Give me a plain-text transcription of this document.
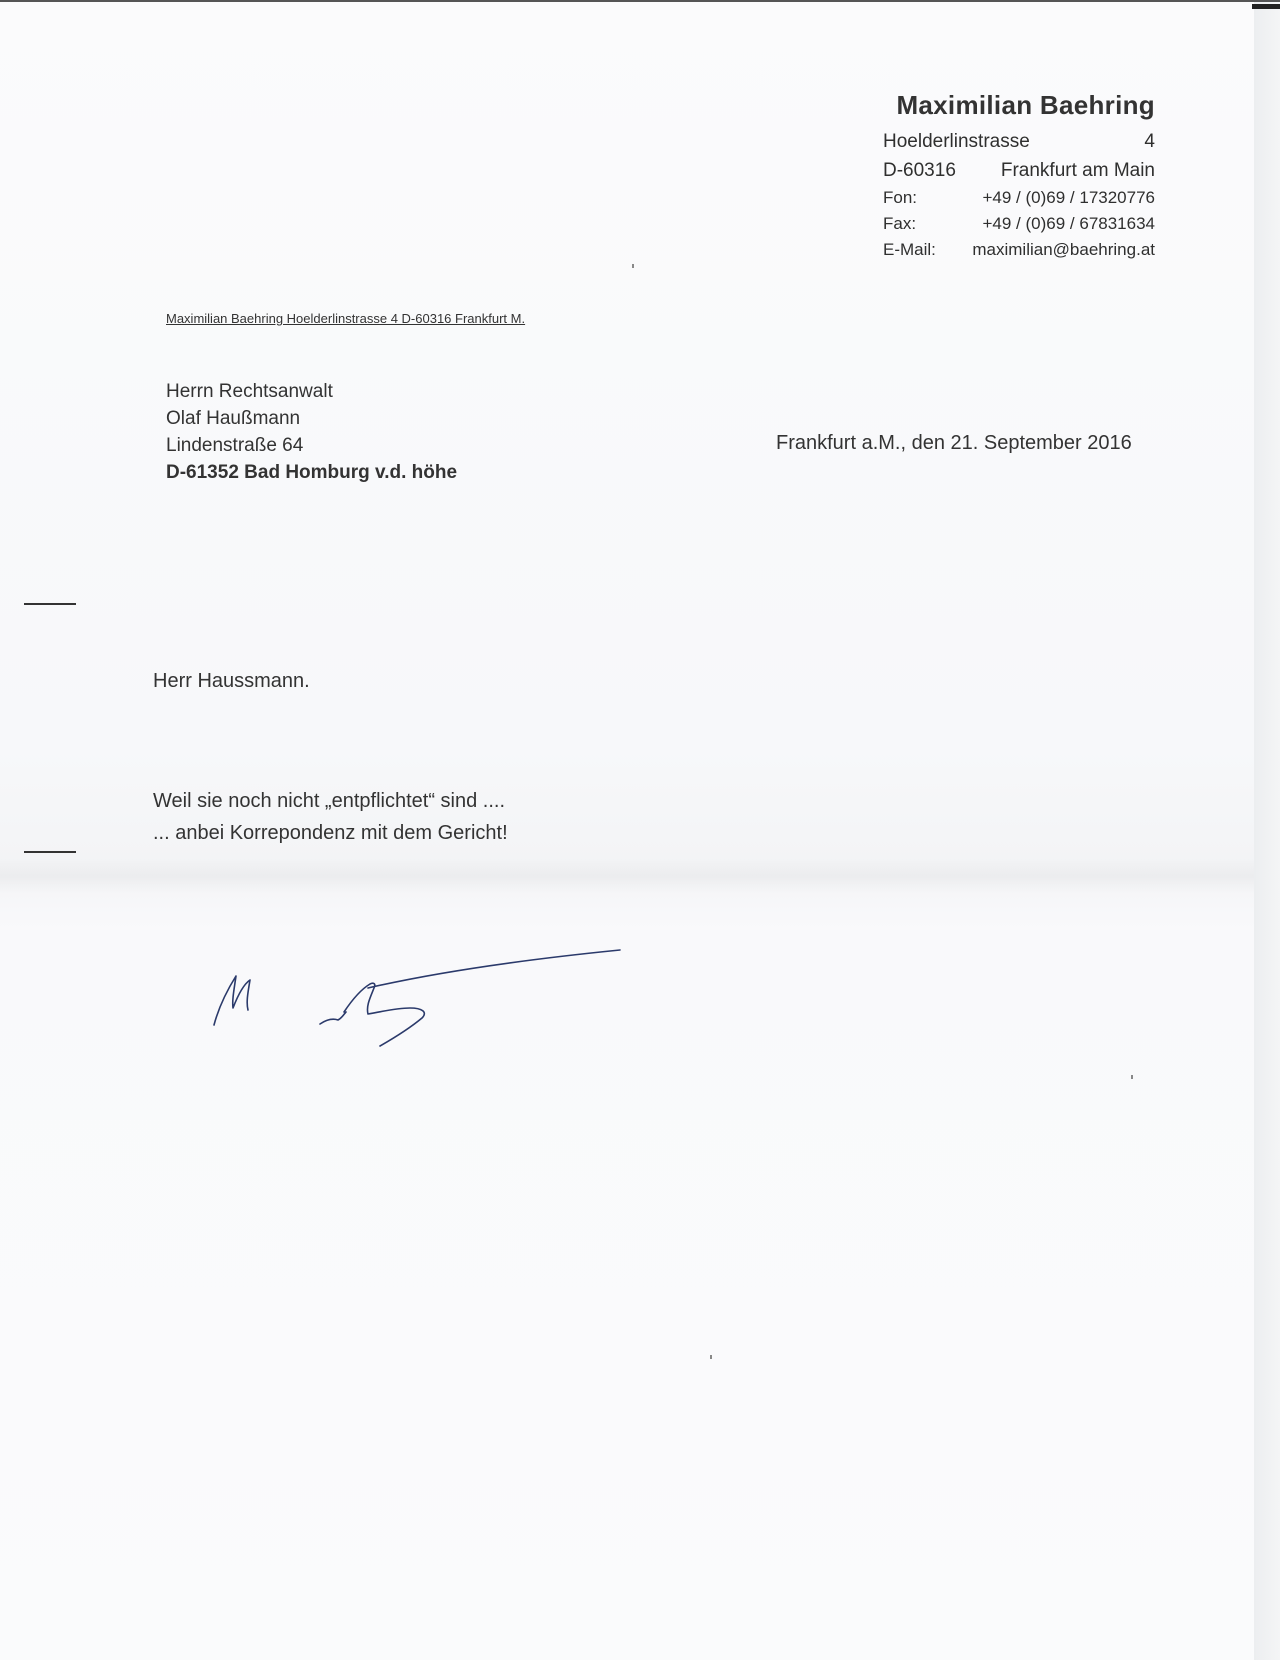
Maximilian Baehring
Hoelderlinstrasse	4
D-60316 Frankfurt am Main
Fon:	+49 / (0)69 / 17320776
Fax:	+49 / (0)69 / 67831634
E-Mail:	maximilian@baehring.at
Maximilian Baehring Hoelderlinstrasse 4 D-60316 Frankfurt M.
Herrn Rechtsanwalt
Olaf Haußmann
Lindenstraße 64
D-61352 Bad Homburg v.d. höhe
Frankfurt a.M., den 21. September 2016
Herr Haussmann.
Weil sie noch nicht „entpflichtet“ sind ....
... anbei Korrepondenz mit dem Gericht!
